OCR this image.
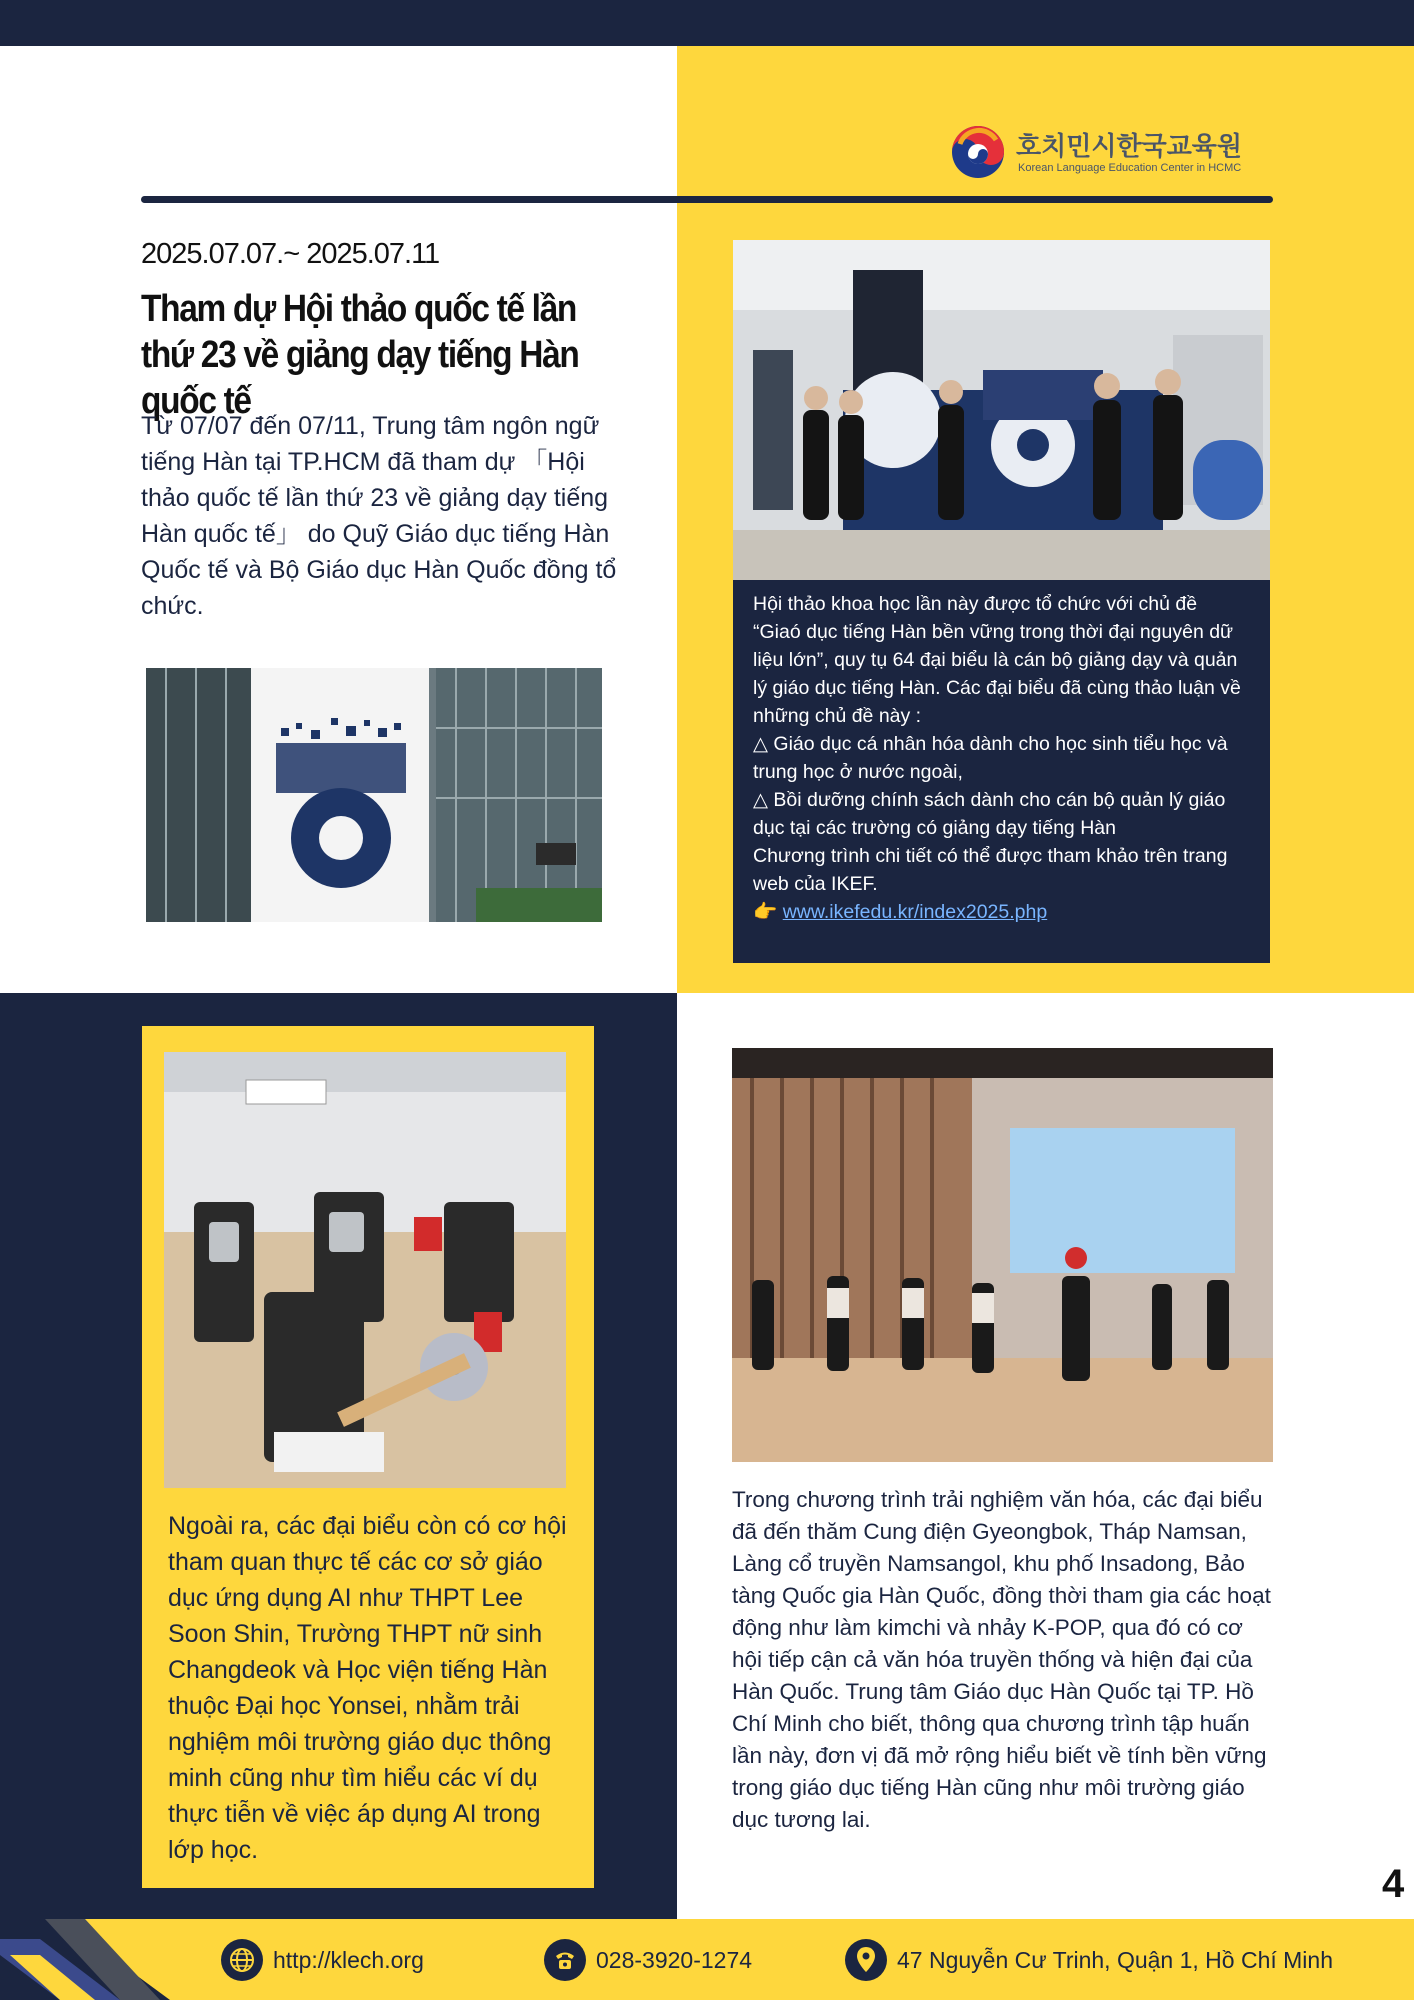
호치민시한국교육원
Korean Language Education Center in HCMC
2025.07.07.~ 2025.07.11
Tham dự Hội thảo quốc tế lần thứ 23 về giảng dạy tiếng Hàn quốc tế

Từ 07/07 đến 07/11, Trung tâm ngôn ngữ tiếng Hàn tại TP.HCM đã tham dự 「Hội thảo quốc tế lần thứ 23 về giảng dạy tiếng Hàn quốc tế」 do Quỹ Giáo dục tiếng Hàn Quốc tế và Bộ Giáo dục Hàn Quốc đồng tổ chức.	Hội thảo khoa học lần này được tổ chức với chủ đề “Giaó dục tiếng Hàn bền vững trong thời đại nguyên dữ liệu lớn”, quy tụ 64 đại biểu là cán bộ giảng dạy và quản lý giáo dục tiếng Hàn. Các đại biểu đã cùng thảo luận về những chủ đề này :

△ Giáo dục cá nhân hóa dành cho học sinh tiểu học và trung học ở nước ngoài,

△ Bồi dưỡng chính sách dành cho cán bộ quản lý giáo dục tại các trường có giảng dạy tiếng Hàn

Chương trình chi tiết có thể được tham khảo trên trang web của IKEF.

👉 www.ikefedu.kr/index2025.php

Ngoài ra, các đại biểu còn có cơ hội tham quan thực tế các cơ sở giáo dục ứng dụng AI như THPT Lee Soon Shin, Trường THPT nữ sinh Changdeok và Học viện tiếng Hàn thuộc Đại học Yonsei, nhằm trải nghiệm môi trường giáo dục thông minh cũng như tìm hiểu các ví dụ thực tiễn về việc áp dụng AI trong lớp học.

Trong chương trình trải nghiệm văn hóa, các đại biểu đã đến thăm Cung điện Gyeongbok, Tháp Namsan, Làng cổ truyền Namsangol, khu phố Insadong, Bảo tàng Quốc gia Hàn Quốc, đồng thời tham gia các hoạt động như làm kimchi và nhảy K-POP, qua đó có cơ hội tiếp cận cả văn hóa truyền thống và hiện đại của Hàn Quốc. Trung tâm Giáo dục Hàn Quốc tại TP. Hồ Chí Minh cho biết, thông qua chương trình tập huấn lần này, đơn vị đã mở rộng hiểu biết về tính bền vững trong giáo dục tiếng Hàn cũng như môi trường giáo dục tương lai.

4
http://klech.org	028-3920-1274	47 Nguyễn Cư Trinh, Quận 1, Hồ Chí Minh
